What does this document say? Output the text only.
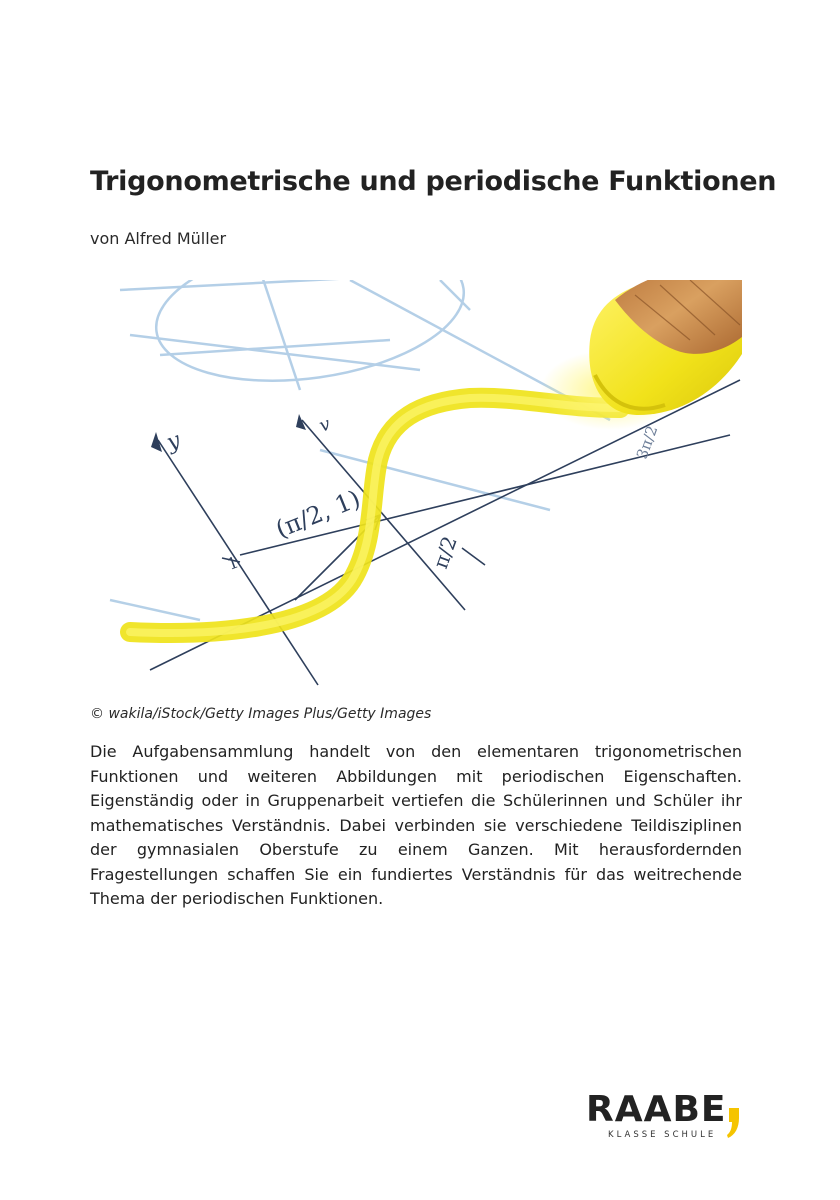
Trigonometrische und periodische Funktionen
von Alfred Müller
y
v
(π/2, 1)
π/2
1
3π/2
© wakila/iStock/Getty Images Plus/Getty Images

Die Aufgabensammlung handelt von den elementaren trigonometrischen Funktionen und weiteren Abbildungen mit periodischen Eigenschaften. Eigenständig oder in Gruppenarbeit vertiefen die Schülerinnen und Schüler ihr mathematisches Verständnis. Dabei verbinden sie verschiedene Teildisziplinen der gymnasialen Oberstufe zu einem Ganzen. Mit herausfordernden Fragestellungen schaffen Sie ein fundiertes Verständnis für das weitrechende Thema der periodischen Funktionen.

RAABE
KLASSE SCHULE
